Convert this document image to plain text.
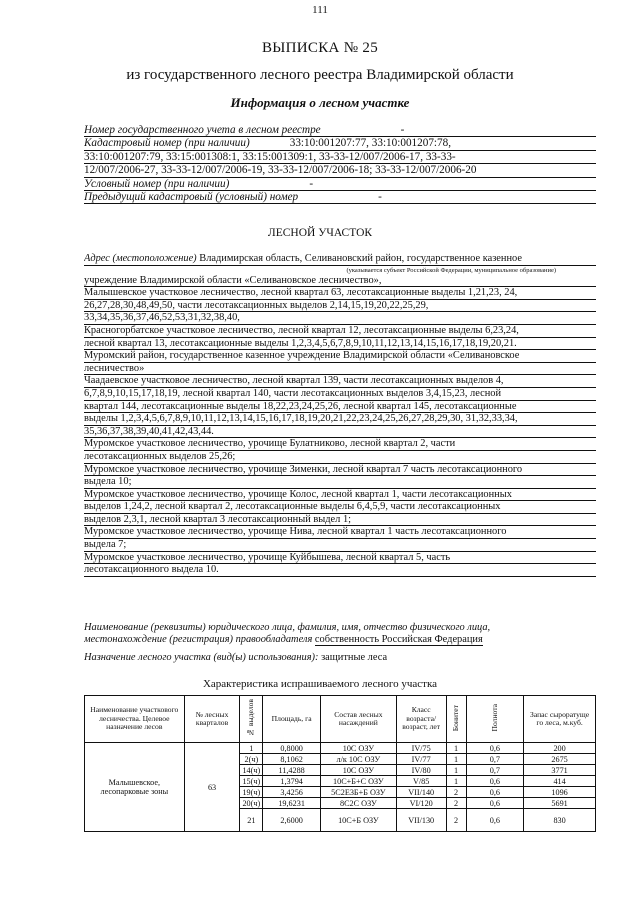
111
ВЫПИСКА № 25
из государственного лесного реестра Владимирской области
Информация о лесном участке
Номер государственного учета в лесном реестре	-
Кадастровый номер (при наличии)	33:10:001207:77, 33:10:001207:78,
33:10:001207:79, 33:15:001308:1, 33:15:001309:1, 33-33-12/007/2006-17, 33-33-
12/007/2006-27, 33-33-12/007/2006-19, 33-33-12/007/2006-18; 33-33-12/007/2006-20
Условный номер (при наличии)	-
Предыдущий кадастровый (условный) номер	-
ЛЕСНОЙ УЧАСТОК
Адрес (местоположение) Владимирская область, Селивановский район, государственное казенное
(указывается субъект Российской Федерации, муниципальное образование)
учреждение Владимирской области «Селивановское лесничество»,
Малышевское участковое лесничество, лесной квартал 63, лесотаксационные выделы 1,21,23, 24,
26,27,28,30,48,49,50, части лесотаксационных выделов 2,14,15,19,20,22,25,29,
33,34,35,36,37,46,52,53,31,32,38,40,
Красногорбатское участковое лесничество, лесной квартал 12, лесотаксационные выделы 6,23,24,
лесной квартал 13, лесотаксационные выделы 1,2,3,4,5,6,7,8,9,10,11,12,13,14,15,16,17,18,19,20,21.
Муромский район, государственное казенное учреждение Владимирской области «Селивановское
лесничество»
Чаадаевское участковое лесничество, лесной квартал 139, части лесотаксационных выделов 4,
6,7,8,9,10,15,17,18,19, лесной квартал 140, части лесотаксационных выделов 3,4,15,23, лесной
квартал 144, лесотаксационные выделы 18,22,23,24,25,26, лесной квартал 145, лесотаксационные
выделы 1,2,3,4,5,6,7,8,9,10,11,12,13,14,15,16,17,18,19,20,21,22,23,24,25,26,27,28,29,30, 31,32,33,34,
35,36,37,38,39,40,41,42,43,44.
Муромское участковое лесничество, урочище Булатниково, лесной квартал 2, части
лесотаксационных выделов 25,26;
Муромское участковое лесничество, урочище Зименки, лесной квартал 7 часть лесотаксационного
выдела 10;
Муромское участковое лесничество, урочище Колос, лесной квартал 1, части лесотаксационных
выделов 1,24,2, лесной квартал 2, лесотаксационные выделы 6,4,5,9, части лесотаксационных
выделов 2,3,1, лесной квартал 3 лесотаксационный выдел 1;
Муромское участковое лесничество, урочище Нива, лесной квартал 1 часть лесотаксационного
выдела 7;
Муромское участковое лесничество, урочище Куйбышева, лесной квартал 5, часть
лесотаксационного выдела 10.
Наименование (реквизиты) юридического лица, фамилия, имя, отчество физического лица,
местонахождение (регистрация) правообладателя собственность Российская Федерация
Назначение лесного участка (вид(ы) использования): защитные леса
Характеристика испрашиваемого лесного участка
Наименование участкового лесничества. Целевое назначение лесов	№ лесных кварталов	№ выделов	Площадь, га	Состав лесных насаждений	Класс возраста/ возраст, лет	Бонитет	Полнота	Запас сыроратуще го леса, м.куб.
Малышевское, лесопарковые зоны	63	1	0,8000	10С ОЗУ	IV/75	1	0,6	200
		2(ч)	8,1062	л/к 10С ОЗУ	IV/77	1	0,7	2675
		14(ч)	11,4288	10С ОЗУ	IV/80	1	0,7	3771
		15(ч)	1,3794	10С+Б+С ОЗУ	V/85	1	0,6	414
		19(ч)	3,4256	5С2Е3Б+Б ОЗУ	VII/140	2	0,6	1096
		20(ч)	19,6231	8С2С ОЗУ	VI/120	2	0,6	5691
		21	2,6000	10С+Б ОЗУ	VII/130	2	0,6	830
